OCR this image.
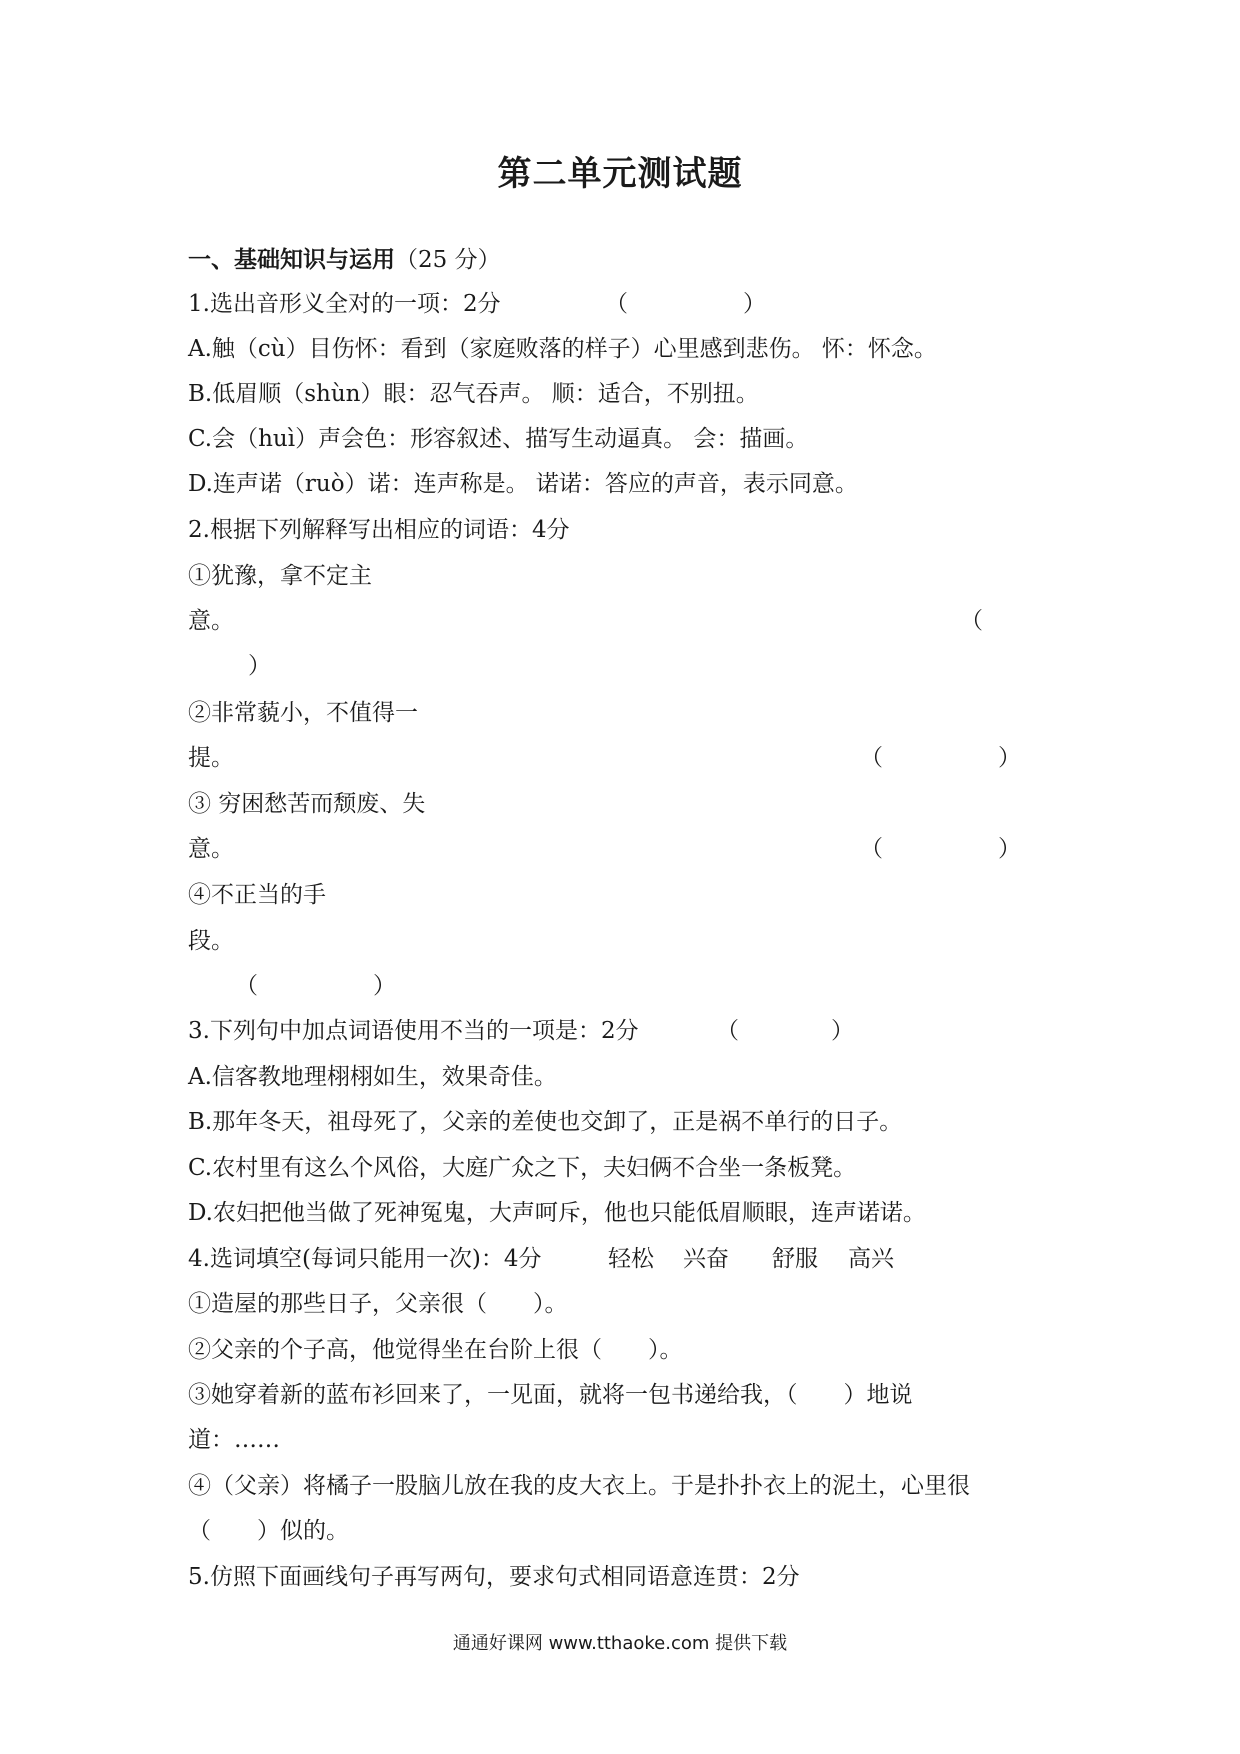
第二单元测试题
一、基础知识与运用（25 分）
1.选出音形义全对的一项：2分	（　　　　　）
A.触（cù）目伤怀：看到（家庭败落的样子）心里感到悲伤。 怀：怀念。
B.低眉顺（shùn）眼：忍气吞声。 顺：适合，不别扭。
C.会（huì）声会色：形容叙述、描写生动逼真。 会：描画。
D.连声诺（ruò）诺：连声称是。 诺诺：答应的声音，表示同意。
2.根据下列解释写出相应的词语：4分
①犹豫，拿不定主
意。	（
）
②非常藐小，不值得一
提。	（　　　　　）
③ 穷困愁苦而颓废、失
意。	（　　　　　）
④不正当的手
段。
（　　　　　）
3.下列句中加点词语使用不当的一项是：2分	（　　　　）
A.信客教地理栩栩如生，效果奇佳。
B.那年冬天，祖母死了，父亲的差使也交卸了，正是祸不单行的日子。
C.农村里有这么个风俗，大庭广众之下，夫妇俩不合坐一条板凳。
D.农妇把他当做了死神冤鬼，大声呵斥，他也只能低眉顺眼，连声诺诺。
4.选词填空(每词只能用一次)：4分	轻松 兴奋 舒服 高兴
①造屋的那些日子，父亲很（　　）。
②父亲的个子高，他觉得坐在台阶上很（　　）。
③她穿着新的蓝布衫回来了，一见面，就将一包书递给我，（　　）地说
道：……
④（父亲）将橘子一股脑儿放在我的皮大衣上。于是扑扑衣上的泥土，心里很
（　　）似的。
5.仿照下面画线句子再写两句，要求句式相同语意连贯：2分
通通好课网 www.tthaoke.com 提供下载
